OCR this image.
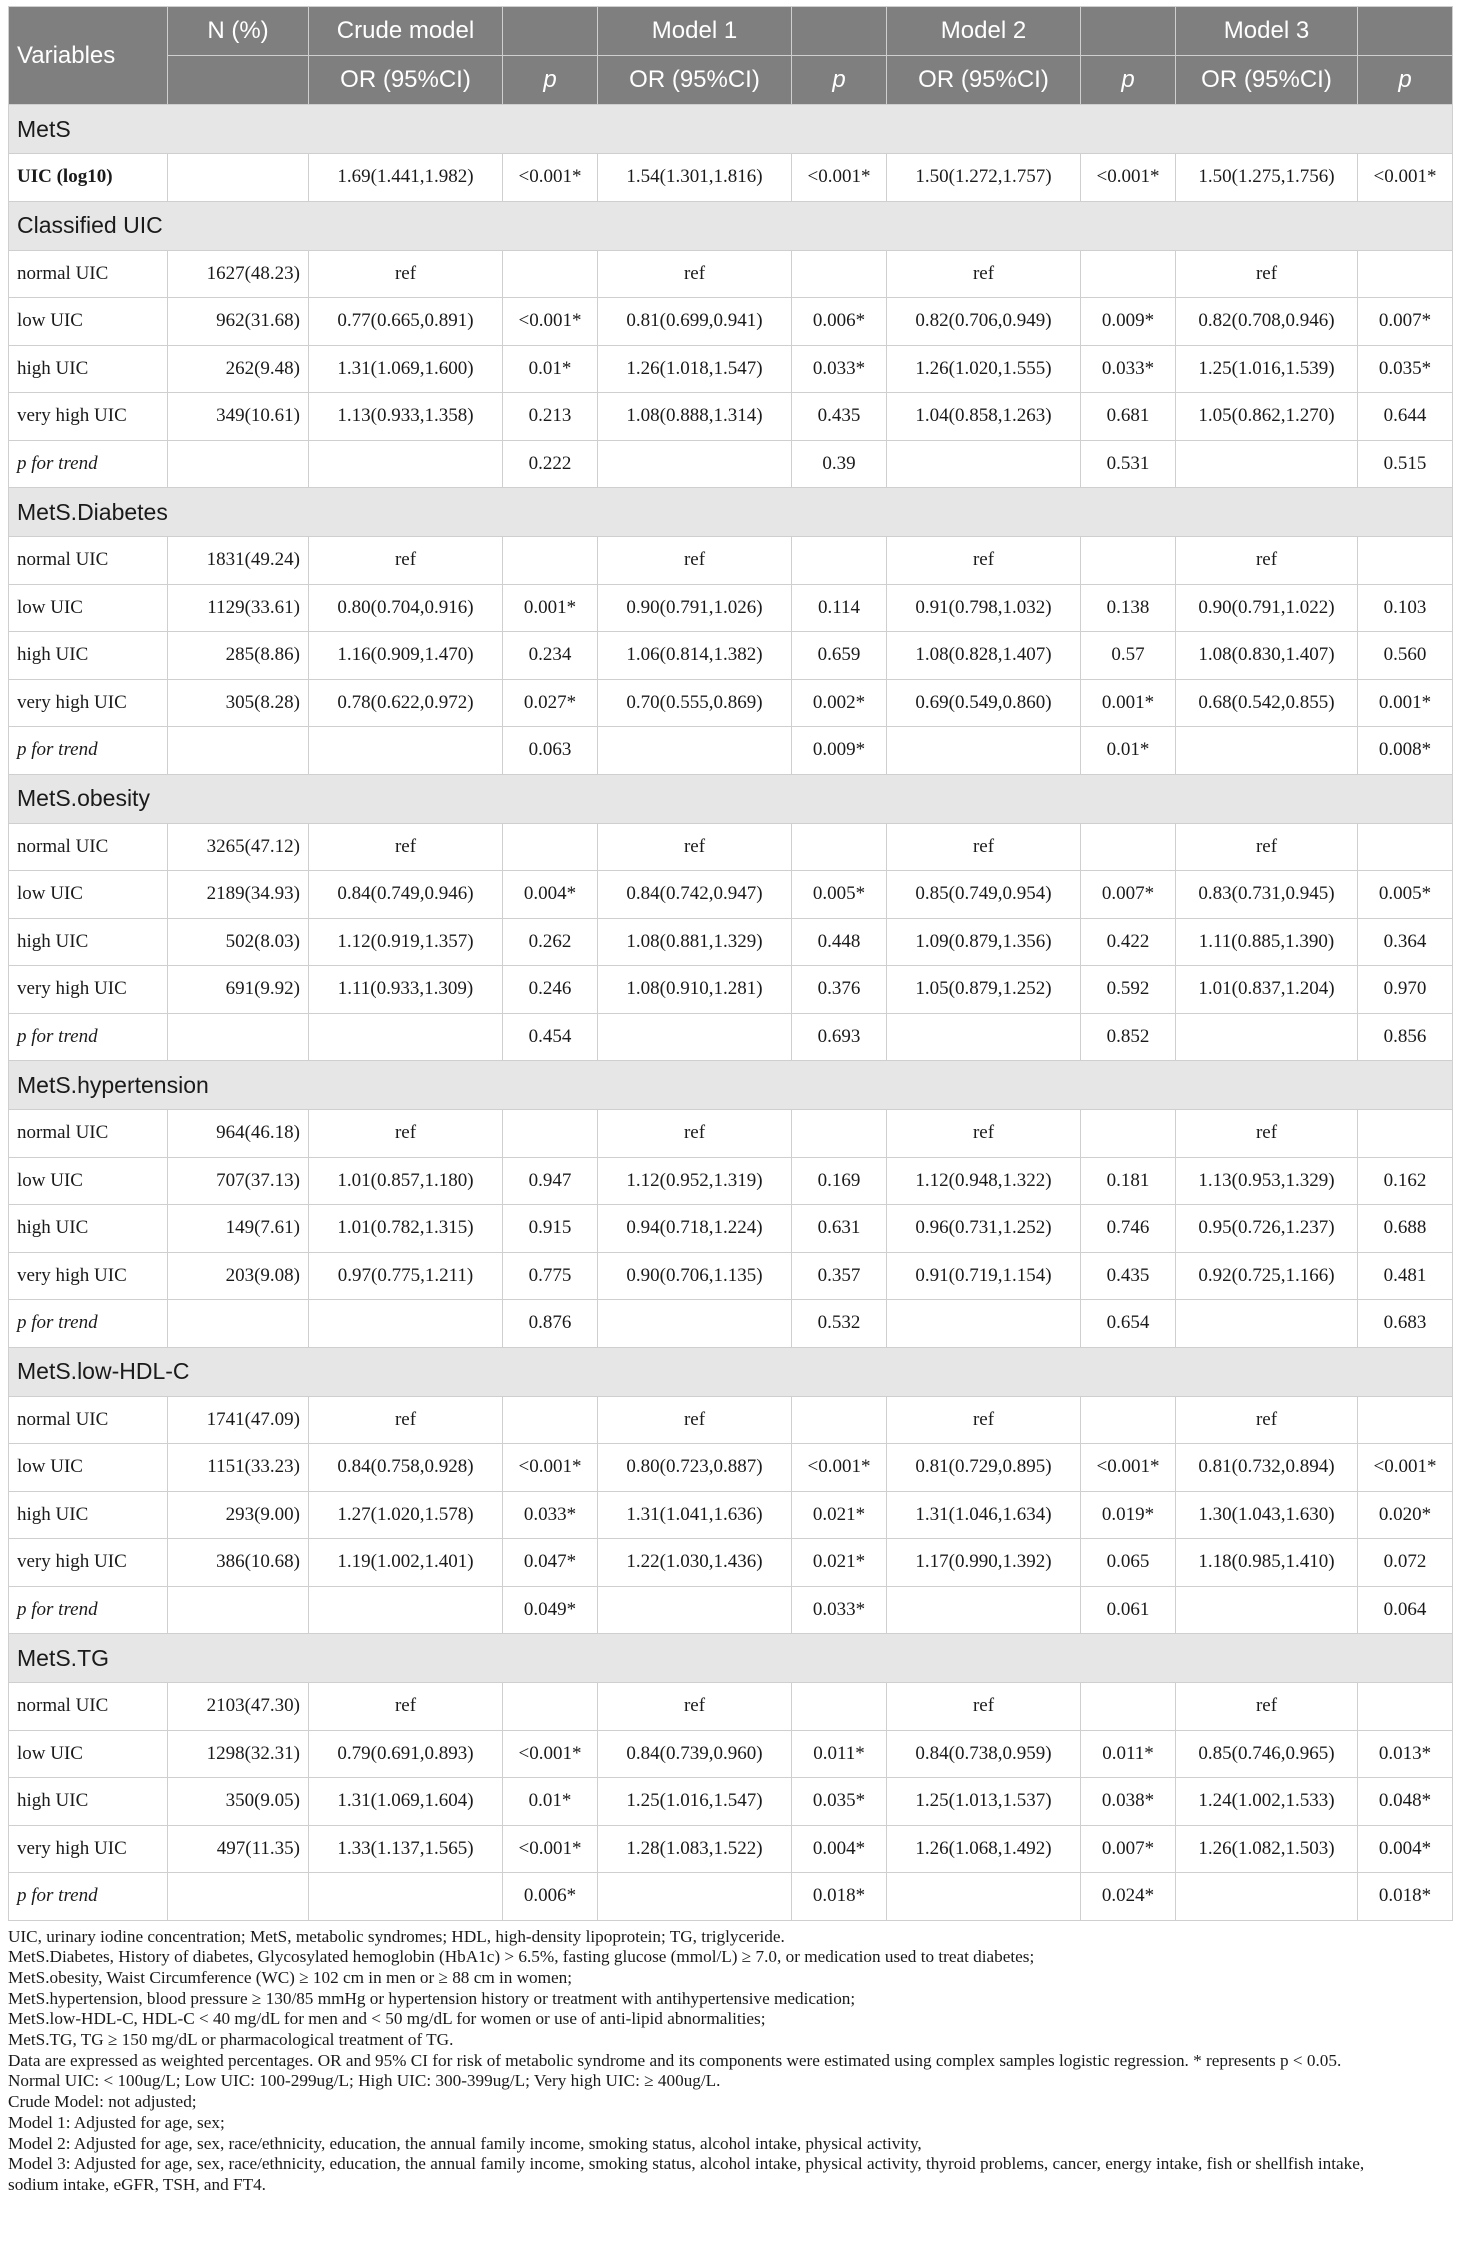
Variables	N (%)	Crude model		Model 1		Model 2		Model 3	
		OR (95%CI)	p	OR (95%CI)	p	OR (95%CI)	p	OR (95%CI)	p
MetS									
UIC (log10)		1.69(1.441,1.982)	<0.001*	1.54(1.301,1.816)	<0.001*	1.50(1.272,1.757)	<0.001*	1.50(1.275,1.756)	<0.001*
Classified UIC									
normal UIC	1627(48.23)	ref		ref		ref		ref	
low UIC	962(31.68)	0.77(0.665,0.891)	<0.001*	0.81(0.699,0.941)	0.006*	0.82(0.706,0.949)	0.009*	0.82(0.708,0.946)	0.007*
high UIC	262(9.48)	1.31(1.069,1.600)	0.01*	1.26(1.018,1.547)	0.033*	1.26(1.020,1.555)	0.033*	1.25(1.016,1.539)	0.035*
very high UIC	349(10.61)	1.13(0.933,1.358)	0.213	1.08(0.888,1.314)	0.435	1.04(0.858,1.263)	0.681	1.05(0.862,1.270)	0.644
p for trend			0.222		0.39		0.531		0.515
MetS.Diabetes									
normal UIC	1831(49.24)	ref		ref		ref		ref	
low UIC	1129(33.61)	0.80(0.704,0.916)	0.001*	0.90(0.791,1.026)	0.114	0.91(0.798,1.032)	0.138	0.90(0.791,1.022)	0.103
high UIC	285(8.86)	1.16(0.909,1.470)	0.234	1.06(0.814,1.382)	0.659	1.08(0.828,1.407)	0.57	1.08(0.830,1.407)	0.560
very high UIC	305(8.28)	0.78(0.622,0.972)	0.027*	0.70(0.555,0.869)	0.002*	0.69(0.549,0.860)	0.001*	0.68(0.542,0.855)	0.001*
p for trend			0.063		0.009*		0.01*		0.008*
MetS.obesity									
normal UIC	3265(47.12)	ref		ref		ref		ref	
low UIC	2189(34.93)	0.84(0.749,0.946)	0.004*	0.84(0.742,0.947)	0.005*	0.85(0.749,0.954)	0.007*	0.83(0.731,0.945)	0.005*
high UIC	502(8.03)	1.12(0.919,1.357)	0.262	1.08(0.881,1.329)	0.448	1.09(0.879,1.356)	0.422	1.11(0.885,1.390)	0.364
very high UIC	691(9.92)	1.11(0.933,1.309)	0.246	1.08(0.910,1.281)	0.376	1.05(0.879,1.252)	0.592	1.01(0.837,1.204)	0.970
p for trend			0.454		0.693		0.852		0.856
MetS.hypertension									
normal UIC	964(46.18)	ref		ref		ref		ref	
low UIC	707(37.13)	1.01(0.857,1.180)	0.947	1.12(0.952,1.319)	0.169	1.12(0.948,1.322)	0.181	1.13(0.953,1.329)	0.162
high UIC	149(7.61)	1.01(0.782,1.315)	0.915	0.94(0.718,1.224)	0.631	0.96(0.731,1.252)	0.746	0.95(0.726,1.237)	0.688
very high UIC	203(9.08)	0.97(0.775,1.211)	0.775	0.90(0.706,1.135)	0.357	0.91(0.719,1.154)	0.435	0.92(0.725,1.166)	0.481
p for trend			0.876		0.532		0.654		0.683
MetS.low-HDL-C									
normal UIC	1741(47.09)	ref		ref		ref		ref	
low UIC	1151(33.23)	0.84(0.758,0.928)	<0.001*	0.80(0.723,0.887)	<0.001*	0.81(0.729,0.895)	<0.001*	0.81(0.732,0.894)	<0.001*
high UIC	293(9.00)	1.27(1.020,1.578)	0.033*	1.31(1.041,1.636)	0.021*	1.31(1.046,1.634)	0.019*	1.30(1.043,1.630)	0.020*
very high UIC	386(10.68)	1.19(1.002,1.401)	0.047*	1.22(1.030,1.436)	0.021*	1.17(0.990,1.392)	0.065	1.18(0.985,1.410)	0.072
p for trend			0.049*		0.033*		0.061		0.064
MetS.TG									
normal UIC	2103(47.30)	ref		ref		ref		ref	
low UIC	1298(32.31)	0.79(0.691,0.893)	<0.001*	0.84(0.739,0.960)	0.011*	0.84(0.738,0.959)	0.011*	0.85(0.746,0.965)	0.013*
high UIC	350(9.05)	1.31(1.069,1.604)	0.01*	1.25(1.016,1.547)	0.035*	1.25(1.013,1.537)	0.038*	1.24(1.002,1.533)	0.048*
very high UIC	497(11.35)	1.33(1.137,1.565)	<0.001*	1.28(1.083,1.522)	0.004*	1.26(1.068,1.492)	0.007*	1.26(1.082,1.503)	0.004*
p for trend			0.006*		0.018*		0.024*		0.018*
UIC, urinary iodine concentration; MetS, metabolic syndromes; HDL, high-density lipoprotein; TG, triglyceride.
MetS.Diabetes, History of diabetes, Glycosylated hemoglobin (HbA1c) > 6.5%, fasting glucose (mmol/L) ≥ 7.0, or medication used to treat diabetes;
MetS.obesity, Waist Circumference (WC) ≥ 102 cm in men or ≥ 88 cm in women;
MetS.hypertension, blood pressure ≥ 130/85 mmHg or hypertension history or treatment with antihypertensive medication;
MetS.low-HDL-C, HDL-C < 40 mg/dL for men and < 50 mg/dL for women or use of anti-lipid abnormalities;
MetS.TG, TG ≥ 150 mg/dL or pharmacological treatment of TG.
Data are expressed as weighted percentages. OR and 95% CI for risk of metabolic syndrome and its components were estimated using complex samples logistic regression. * represents p < 0.05.
Normal UIC: < 100ug/L; Low UIC: 100-299ug/L; High UIC: 300-399ug/L; Very high UIC: ≥ 400ug/L.
Crude Model: not adjusted;
Model 1: Adjusted for age, sex;
Model 2: Adjusted for age, sex, race/ethnicity, education, the annual family income, smoking status, alcohol intake, physical activity,
Model 3: Adjusted for age, sex, race/ethnicity, education, the annual family income, smoking status, alcohol intake, physical activity, thyroid problems, cancer, energy intake, fish or shellfish intake,
sodium intake, eGFR, TSH, and FT4.
